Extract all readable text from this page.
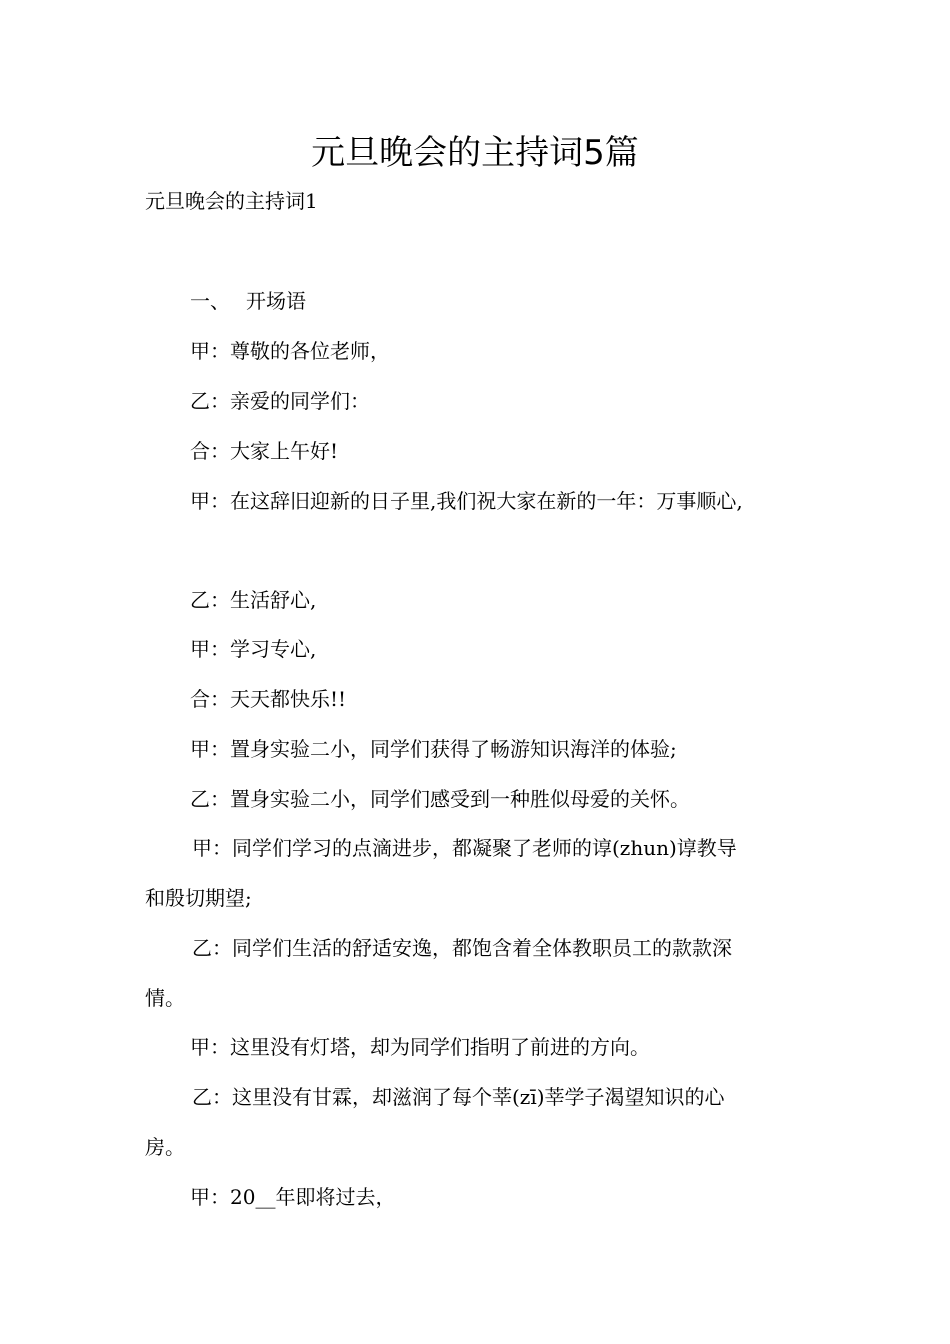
元旦晚会的主持词5篇

元旦晚会的主持词1

一、 开场语

甲：尊敬的各位老师，

乙：亲爱的同学们：

合：大家上午好!

甲：在这辞旧迎新的日子里,我们祝大家在新的一年：万事顺心,

乙：生活舒心,

甲：学习专心,

合：天天都快乐!!

甲：置身实验二小，同学们获得了畅游知识海洋的体验;

乙：置身实验二小，同学们感受到一种胜似母爱的关怀。

甲：同学们学习的点滴进步，都凝聚了老师的谆(zhun)谆教导

和殷切期望;

乙：同学们生活的舒适安逸，都饱含着全体教职员工的款款深

情。

甲：这里没有灯塔，却为同学们指明了前进的方向。

乙：这里没有甘霖，却滋润了每个莘(zī)莘学子渴望知识的心

房。

甲：20__年即将过去，
